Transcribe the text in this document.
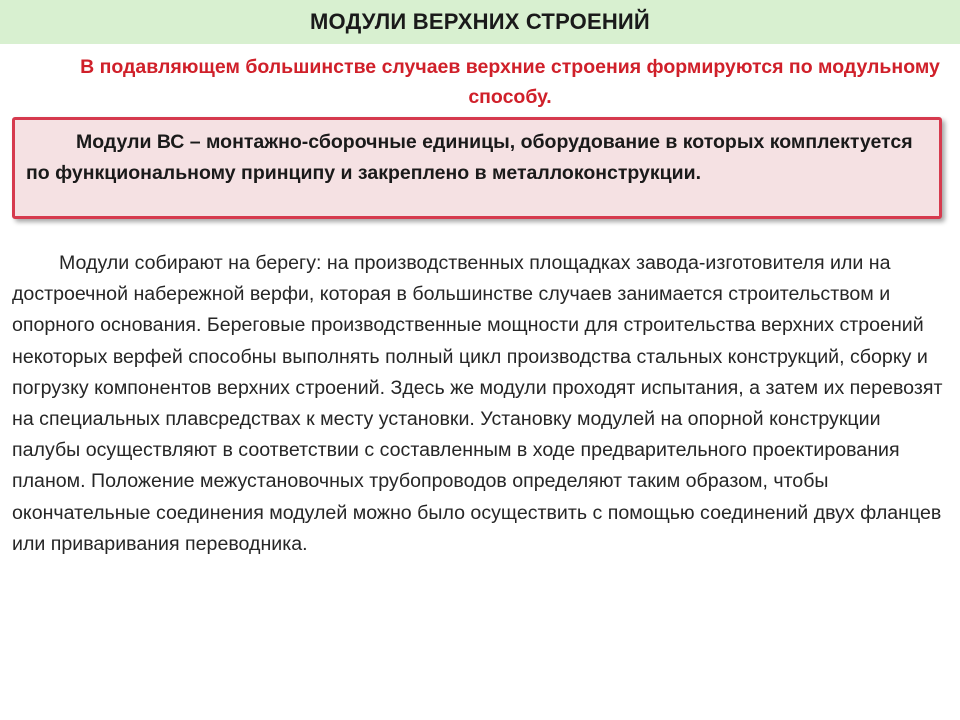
МОДУЛИ ВЕРХНИХ СТРОЕНИЙ

В подавляющем большинстве случаев верхние строения формируются по модульному способу.

Модули ВС – монтажно-сборочные единицы, оборудование в которых комплектуется по функциональному принципу и закреплено в металлоконструкции.

Модули собирают на берегу: на производственных площадках завода-изготовителя или на достроечной набережной верфи, которая в большинстве случаев занимается строительством и опорного основания. Береговые производственные мощности для строительства верхних строений некоторых верфей способны выполнять полный цикл производства стальных конструкций, сборку и погрузку компонентов верхних строений. Здесь же модули проходят испытания, а затем их перевозят на специальных плавсредствах к месту установки. Установку модулей на опорной конструкции палубы осуществляют в соответствии с составленным в ходе предварительного проектирования планом. Положение межустановочных трубопроводов определяют таким образом, чтобы окончательные соединения модулей можно было осуществить с помощью соединений двух фланцев или приваривания переводника.
